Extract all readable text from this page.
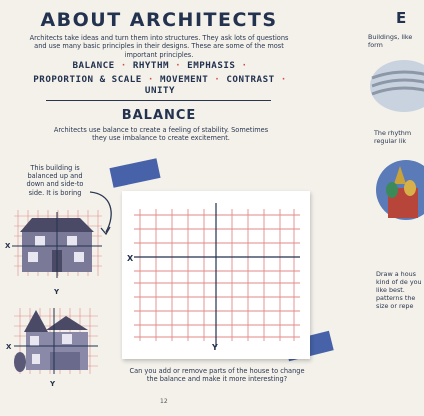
ABOUT ARCHITECTS
Architects take ideas and turn them into structures. They ask lots of questions and use many basic principles in their designs. These are some of the most important principles.
BALANCE · RHYTHM · EMPHASIS ·
PROPORTION & SCALE · MOVEMENT · CONTRAST · UNITY
BALANCE
Architects use balance to create a feeling of stability. Sometimes they use imbalance to create excitement.
This building is balanced up and down and side-to side. It is boring
X
Y
X
Y
X
Y
Can you add or remove parts of the house to change the balance and make it more interesting?
12
E
Buildings, like form
The rhythm regular lik
Draw a hous kind of de you like best. patterns the size or repe
